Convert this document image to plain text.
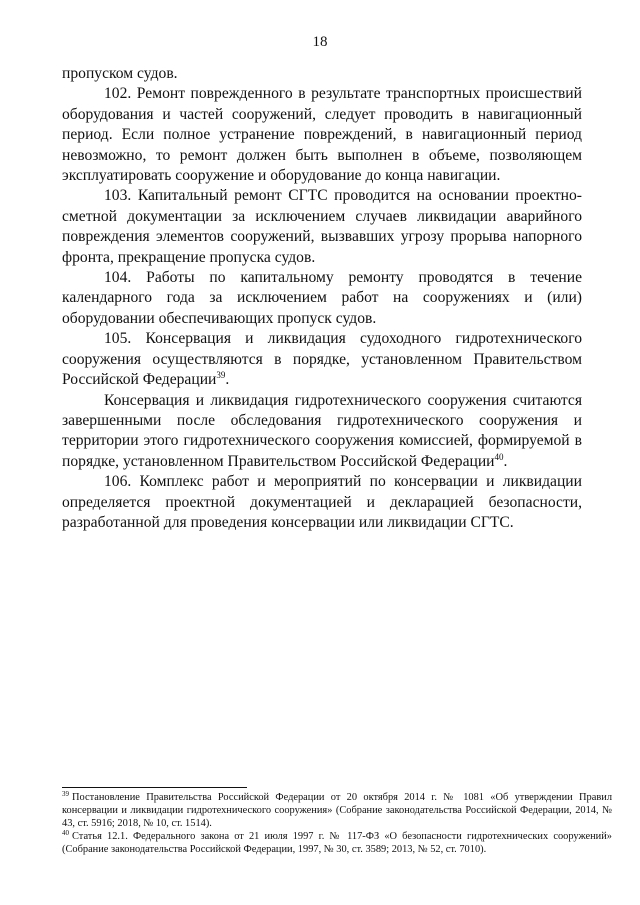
18

пропуском судов.

102. Ремонт поврежденного в результате транспортных происшествий оборудования и частей сооружений, следует проводить в навигационный период. Если полное устранение повреждений, в навигационный период невозможно, то ремонт должен быть выполнен в объеме, позволяющем эксплуатировать сооружение и оборудование до конца навигации.

103. Капитальный ремонт СГТС проводится на основании проектно-сметной документации за исключением случаев ликвидации аварийного повреждения элементов сооружений, вызвавших угрозу прорыва напорного фронта, прекращение пропуска судов.

104. Работы по капитальному ремонту проводятся в течение календарного года за исключением работ на сооружениях и (или) оборудовании обеспечивающих пропуск судов.

105. Консервация и ликвидация судоходного гидротехнического сооружения осуществляются в порядке, установленном Правительством Российской Федерации$^{39}$.

Консервация и ликвидация гидротехнического сооружения считаются завершенными после обследования гидротехнического сооружения и территории этого гидротехнического сооружения комиссией, формируемой в порядке, установленном Правительством Российской Федерации$^{40}$.

106. Комплекс работ и мероприятий по консервации и ликвидации определяется проектной документацией и декларацией безопасности, разработанной для проведения консервации или ликвидации СГТС.

$^{39}$ Постановление Правительства Российской Федерации от 20 октября 2014 г. № 1081 «Об утверждении Правил консервации и ликвидации гидротехнического сооружения» (Собрание законодательства Российской Федерации, 2014, № 43, ст. 5916; 2018, № 10, ст. 1514).

$^{40}$ Статья 12.1. Федерального закона от 21 июля 1997 г. № 117-ФЗ «О безопасности гидротехнических сооружений» (Собрание законодательства Российской Федерации, 1997, № 30, ст. 3589; 2013, № 52, ст. 7010).
